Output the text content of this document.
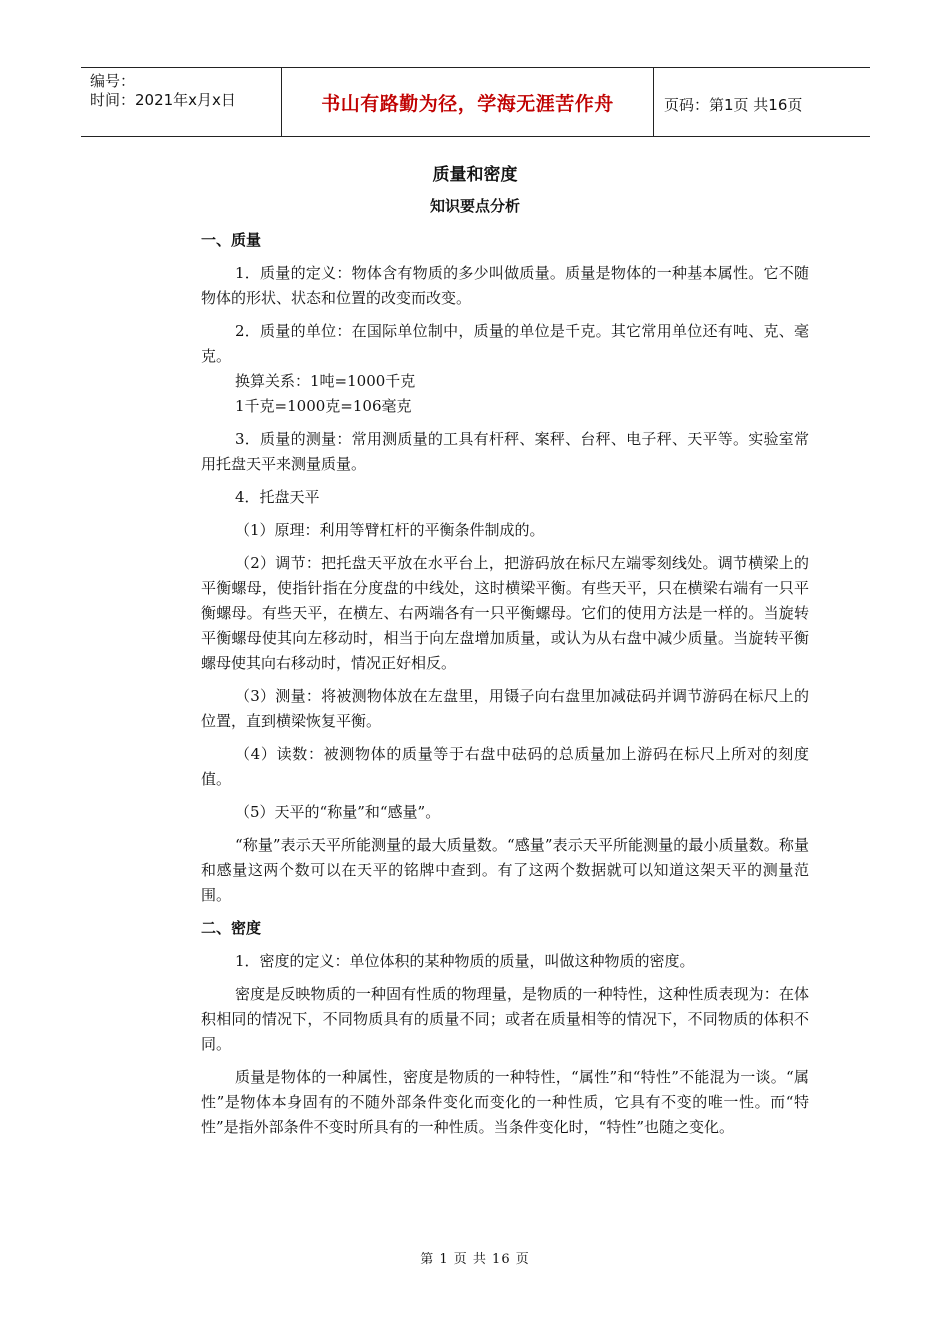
编号：
时间：2021年x月x日	书山有路勤为径，学海无涯苦作舟	页码：第1页 共16页
质量和密度
知识要点分析
一、质量

1．质量的定义：物体含有物质的多少叫做质量。质量是物体的一种基本属性。它不随物体的形状、状态和位置的改变而改变。

2．质量的单位：在国际单位制中，质量的单位是千克。其它常用单位还有吨、克、毫克。

换算关系：1吨=1000千克

1千克=1000克=106毫克

3．质量的测量：常用测质量的工具有杆秤、案秤、台秤、电子秤、天平等。实验室常用托盘天平来测量质量。

4．托盘天平

（1）原理：利用等臂杠杆的平衡条件制成的。

（2）调节：把托盘天平放在水平台上，把游码放在标尺左端零刻线处。调节横梁上的平衡螺母，使指针指在分度盘的中线处，这时横梁平衡。有些天平，只在横梁右端有一只平衡螺母。有些天平，在横左、右两端各有一只平衡螺母。它们的使用方法是一样的。当旋转平衡螺母使其向左移动时，相当于向左盘增加质量，或认为从右盘中减少质量。当旋转平衡螺母使其向右移动时，情况正好相反。

（3）测量：将被测物体放在左盘里，用镊子向右盘里加减砝码并调节游码在标尺上的位置，直到横梁恢复平衡。

（4）读数：被测物体的质量等于右盘中砝码的总质量加上游码在标尺上所对的刻度值。

（5）天平的“称量”和“感量”。

“称量”表示天平所能测量的最大质量数。“感量”表示天平所能测量的最小质量数。称量和感量这两个数可以在天平的铭牌中查到。有了这两个数据就可以知道这架天平的测量范围。

二、密度

1．密度的定义：单位体积的某种物质的质量，叫做这种物质的密度。

密度是反映物质的一种固有性质的物理量，是物质的一种特性，这种性质表现为：在体积相同的情况下，不同物质具有的质量不同；或者在质量相等的情况下，不同物质的体积不同。

质量是物体的一种属性，密度是物质的一种特性，“属性”和“特性”不能混为一谈。“属性”是物体本身固有的不随外部条件变化而变化的一种性质，它具有不变的唯一性。而“特性”是指外部条件不变时所具有的一种性质。当条件变化时，“特性”也随之变化。

第 1 页 共 16 页
